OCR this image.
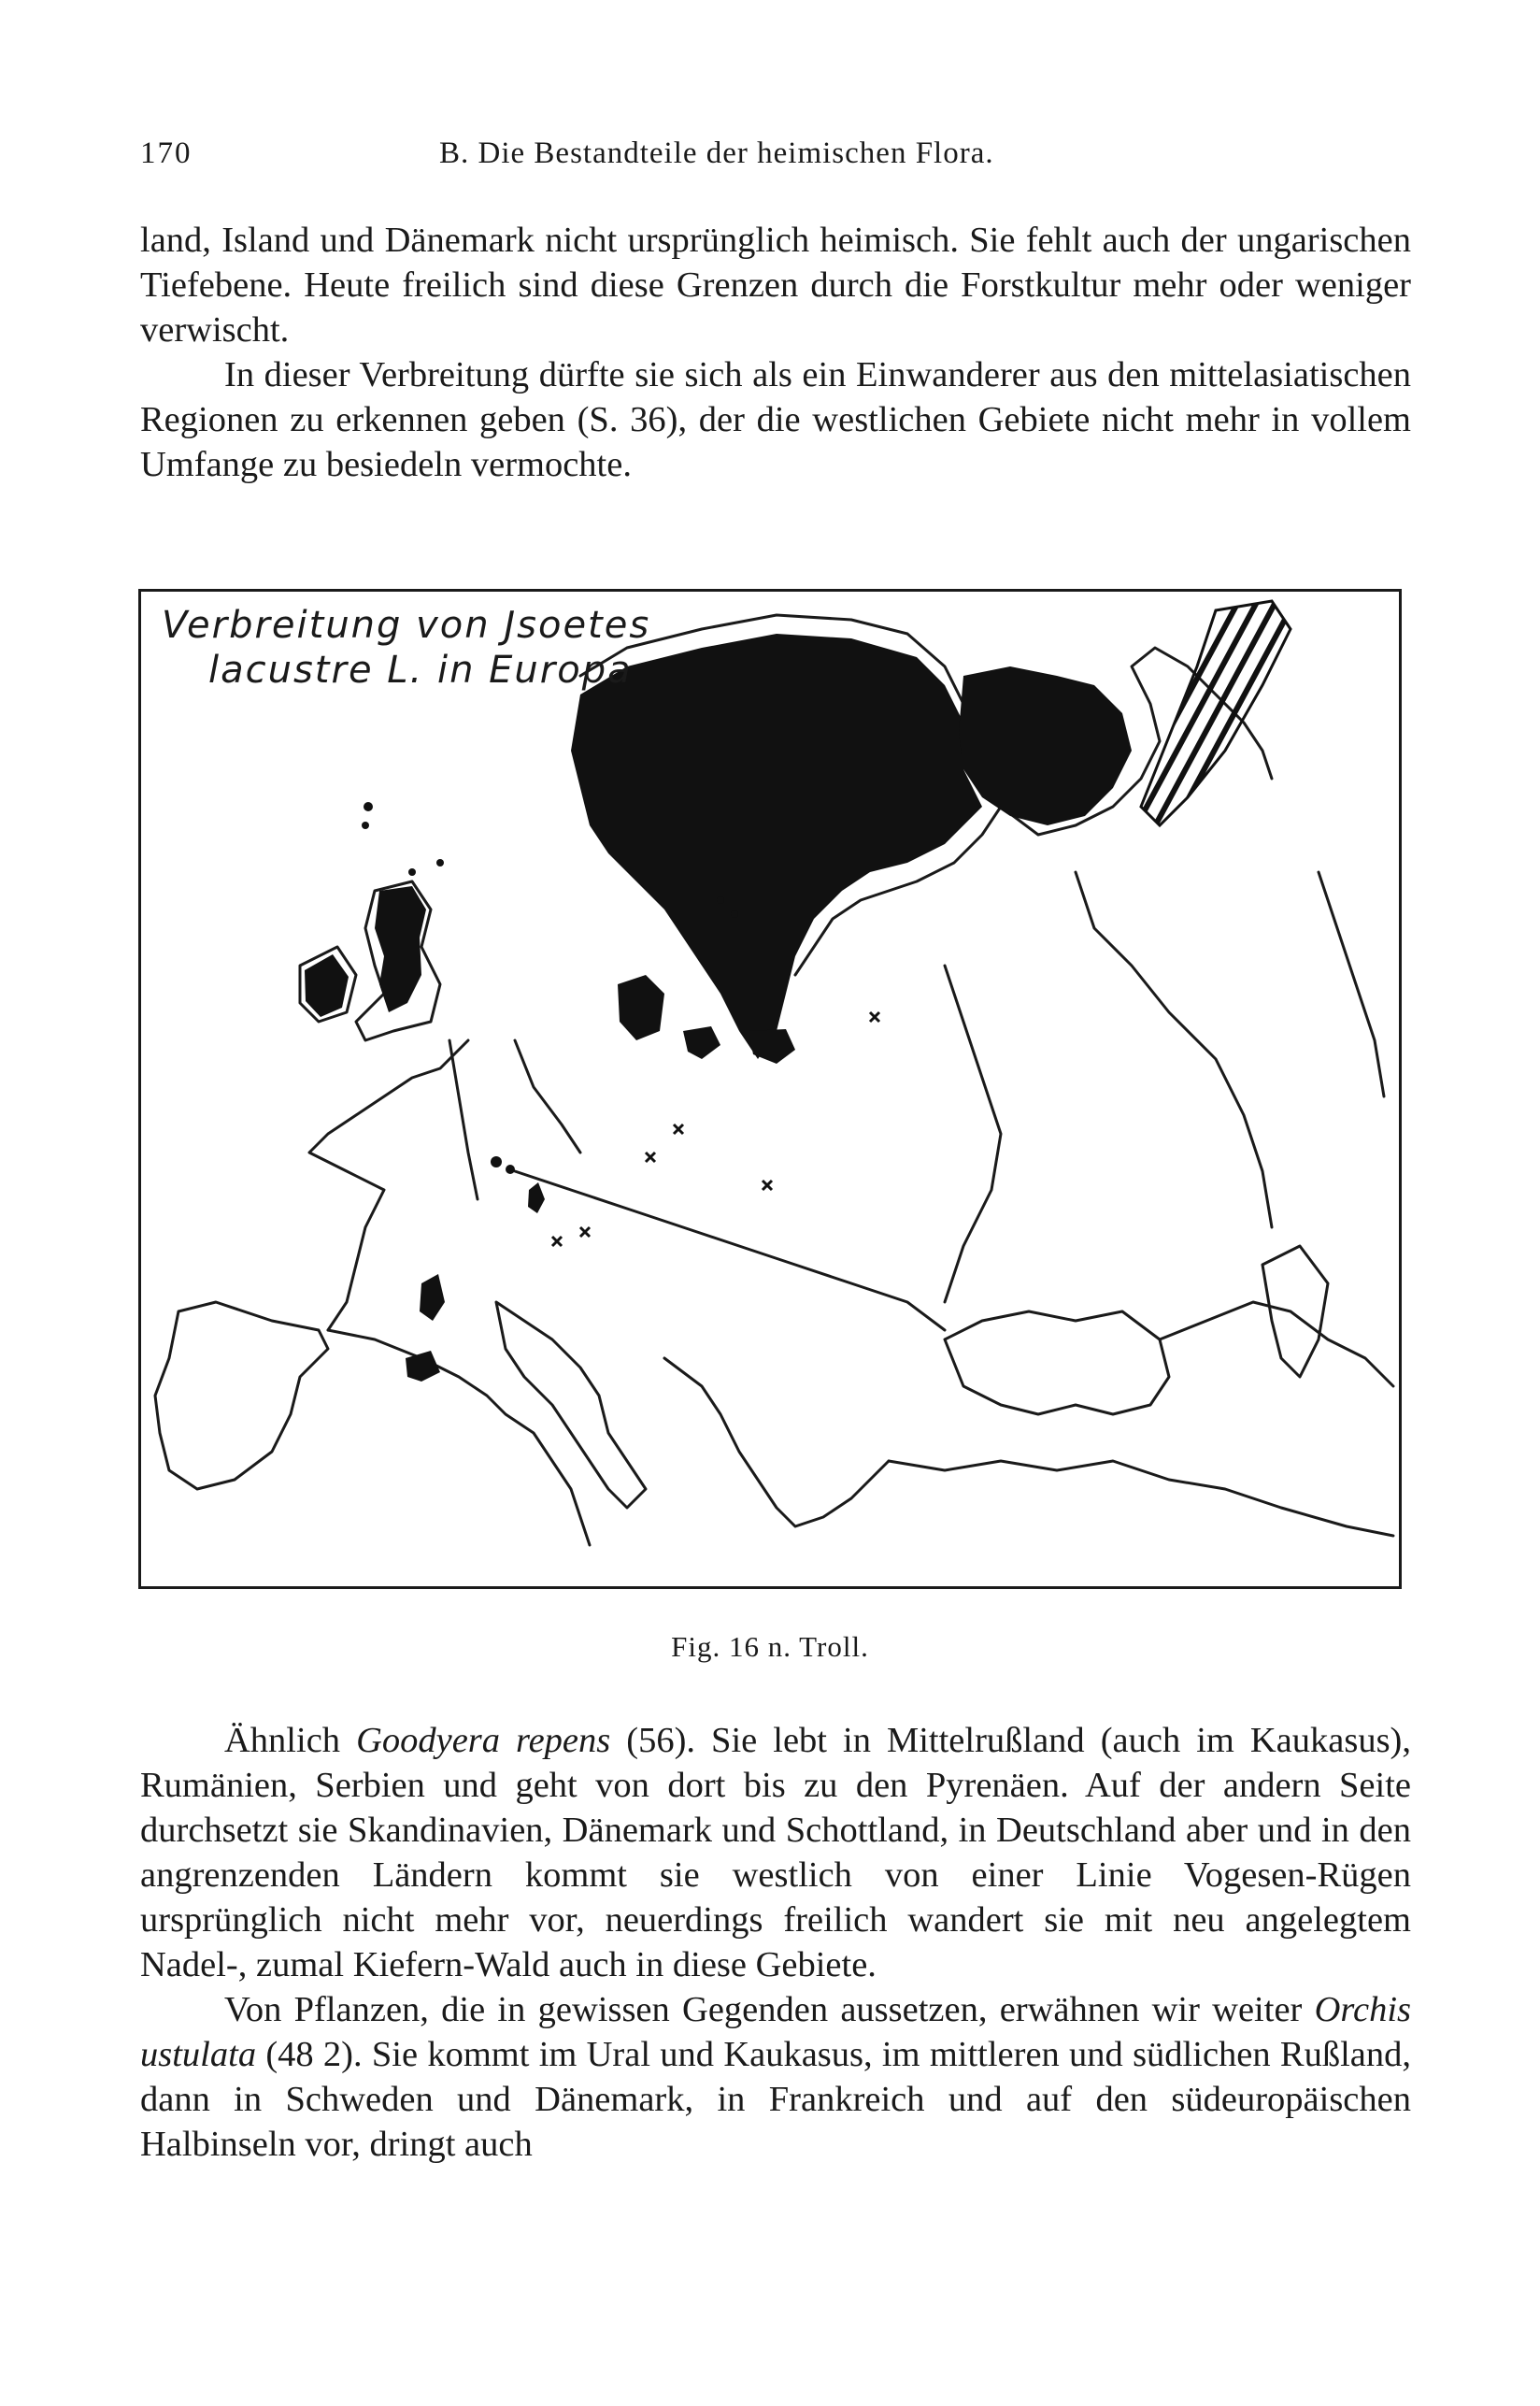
170	B. Die Bestandteile der heimischen Flora.

land, Island und Dänemark nicht ursprünglich heimisch. Sie fehlt auch der ungarischen Tiefebene. Heute freilich sind diese Grenzen durch die Forstkultur mehr oder weniger verwischt.

In dieser Verbreitung dürfte sie sich als ein Einwanderer aus den mittelasiatischen Regionen zu erkennen geben (S. 36), der die westlichen Gebiete nicht mehr in vollem Umfange zu besiedeln vermochte.

Verbreitung von Jsoetes
lacustre L. in Europa
Fig. 16 n. Troll.

Ähnlich Goodyera repens (56). Sie lebt in Mittelrußland (auch im Kaukasus), Rumänien, Serbien und geht von dort bis zu den Pyrenäen. Auf der andern Seite durchsetzt sie Skandinavien, Dänemark und Schottland, in Deutschland aber und in den angrenzenden Ländern kommt sie westlich von einer Linie Vogesen-Rügen ursprünglich nicht mehr vor, neuerdings freilich wandert sie mit neu angelegtem Nadel-, zumal Kiefern-Wald auch in diese Gebiete.

Von Pflanzen, die in gewissen Gegenden aussetzen, erwähnen wir weiter Orchis ustulata (48 2). Sie kommt im Ural und Kaukasus, im mittleren und südlichen Rußland, dann in Schweden und Dänemark, in Frankreich und auf den südeuropäischen Halbinseln vor, dringt auch
